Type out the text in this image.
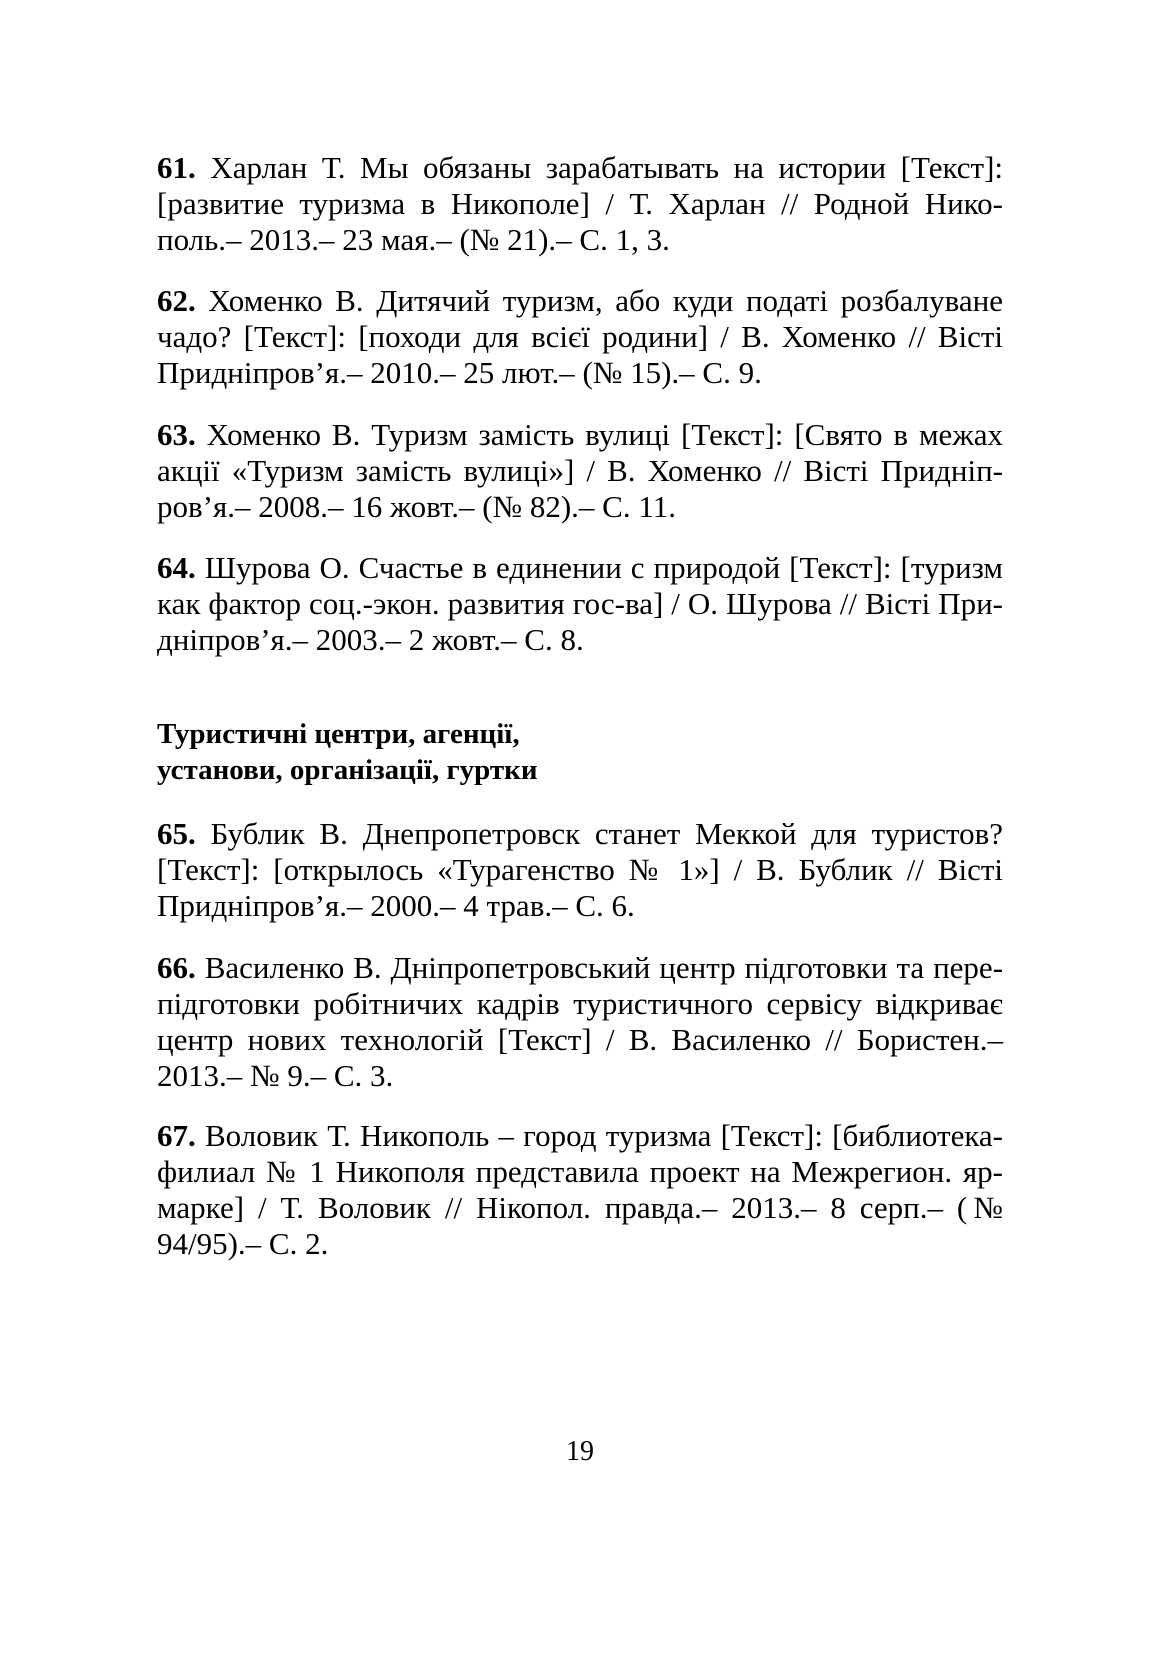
61. Харлан Т. Мы обязаны зарабатывать на истории [Текст]: [развитие туризма в Никополе] / Т. Харлан // Родной Никополь.– 2013.– 23 мая.– (№ 21).– С. 1, 3.

62. Хоменко В. Дитячий туризм, або куди податі розбалуване чадо? [Текст]: [походи для всієї родини] / В. Хоменко // Вісті Придніпров’я.– 2010.– 25 лют.– (№ 15).– С. 9.

63. Хоменко В. Туризм замість вулиці [Текст]: [Свято в межах акції «Туризм замість вулиці»] / В. Хоменко // Вісті Придніпров’я.– 2008.– 16 жовт.– (№ 82).– С. 11.

64. Шурова О. Счастье в единении с природой [Текст]: [туризм как фактор соц.-экон. развития гос-ва] / О. Шурова // Вісті Придніпров’я.– 2003.– 2 жовт.– С. 8.

Туристичні центри, агенції,
установи, організації, гуртки

65. Бублик В. Днепропетровск станет Меккой для туристов? [Текст]: [открылось «Турагенство № 1»] / В. Бублик // Вісті Придніпров’я.– 2000.– 4 трав.– С. 6.

66. Василенко В. Дніпропетровський центр підготовки та перепідготовки робітничих кадрів туристичного сервісу відкриває центр нових технологій [Текст] / В. Василенко // Бористен.– 2013.– № 9.– С. 3.

67. Воловик Т. Никополь – город туризма [Текст]: [библиотека-филиал № 1 Никополя представила проект на Межрегион. ярмарке] / Т. Воловик // Нікопол. правда.– 2013.– 8 серп.– (№ 94/95).– С. 2.

19
